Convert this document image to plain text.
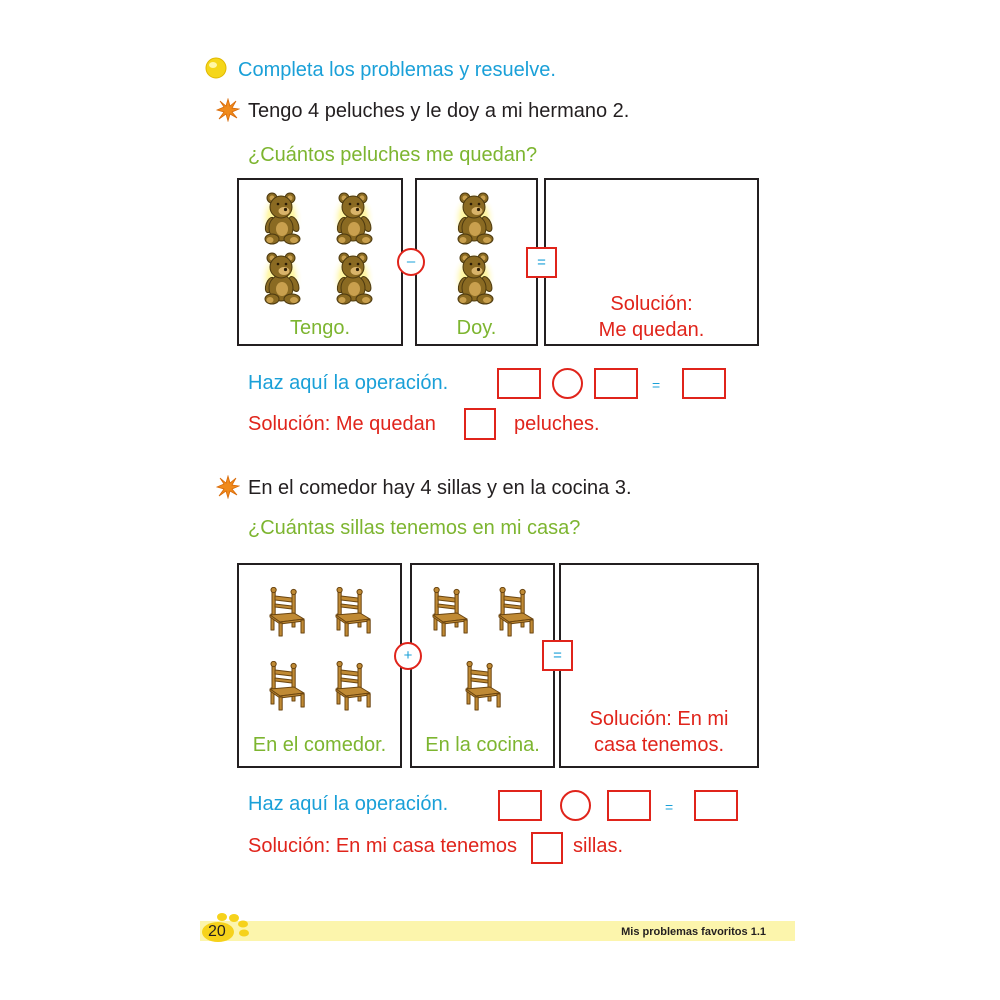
Completa los problemas y resuelve.
Tengo 4 peluches y le doy a mi hermano 2.
¿Cuántos peluches me quedan?
Tengo.	Doy.
Solución:
Me quedan.
–	=
Haz aquí la operación.	=
Solución: Me quedan	peluches.
En el comedor hay 4 sillas y en la cocina 3.
¿Cuántas sillas tenemos en mi casa?
En el comedor.	En la cocina.
Solución: En mi
casa tenemos.
+	=
Haz aquí la operación.	=
Solución: En mi casa tenemos	sillas.
20	Mis problemas favoritos 1.1
